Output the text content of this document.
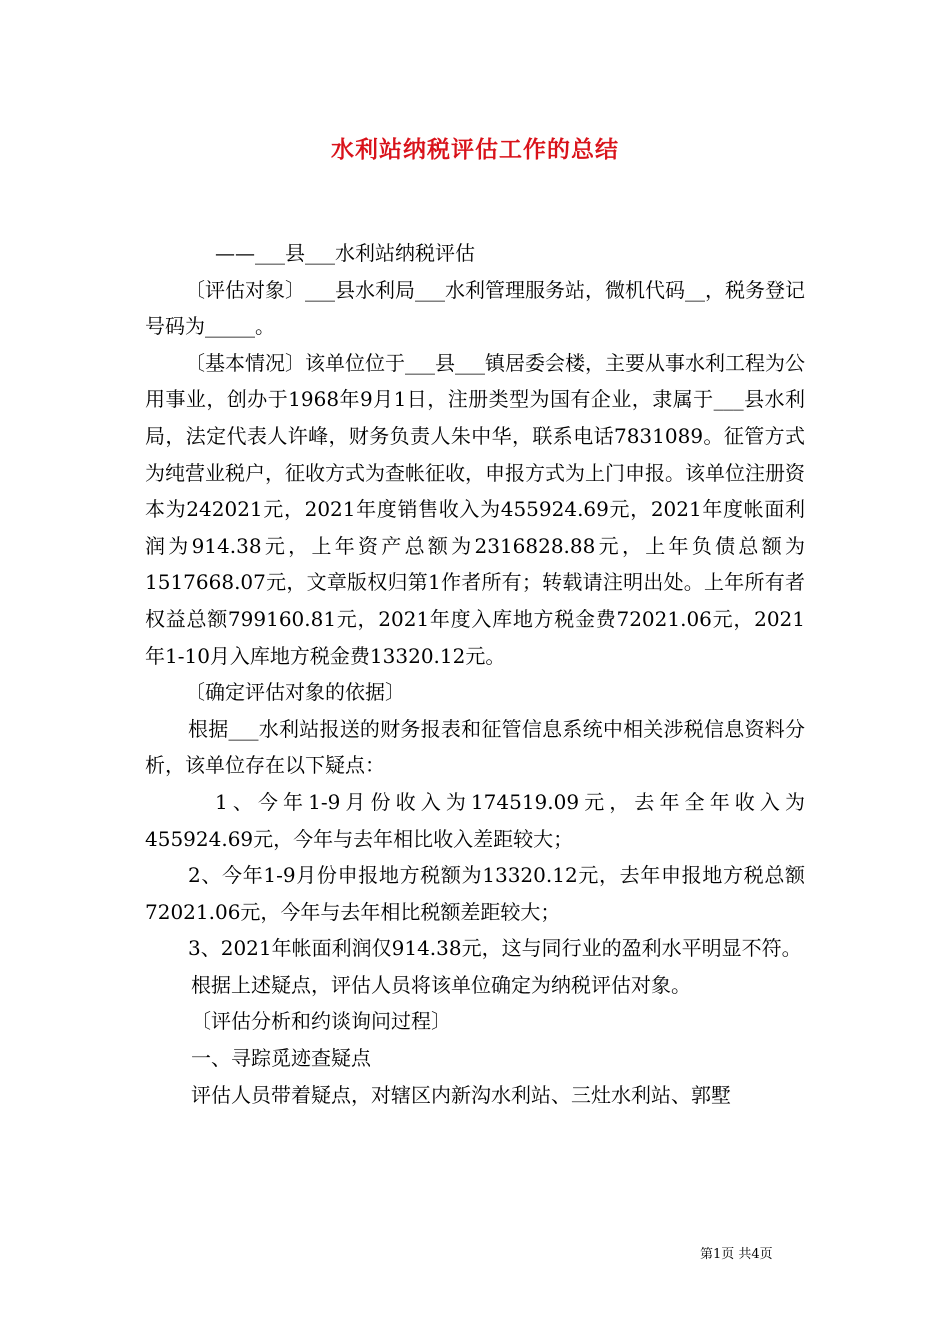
水利站纳税评估工作的总结

——___县___水利站纳税评估

〔评估对象〕___县水利局___水利管理服务站，微机代码__，税务登记号码为_____。

〔基本情况〕该单位位于___县___镇居委会楼，主要从事水利工程为公用事业，创办于1968年9月1日，注册类型为国有企业，隶属于___县水利局，法定代表人许峰，财务负责人朱中华，联系电话7831089。征管方式为纯营业税户，征收方式为查帐征收，申报方式为上门申报。该单位注册资本为242021元，2021年度销售收入为455924.69元，2021年度帐面利润为914.38元，上年资产总额为2316828.88元，上年负债总额为1517668.07元，文章版权归第1作者所有；转载请注明出处。上年所有者权益总额799160.81元，2021年度入库地方税金费72021.06元，2021年1-10月入库地方税金费13320.12元。

〔确定评估对象的依据〕

根据___水利站报送的财务报表和征管信息系统中相关涉税信息资料分析，该单位存在以下疑点：

1、今年1-9月份收入为174519.09元，去年全年收入为455924.69元，今年与去年相比收入差距较大；

2、今年1-9月份申报地方税额为13320.12元，去年申报地方税总额72021.06元，今年与去年相比税额差距较大；

3、2021年帐面利润仅914.38元，这与同行业的盈利水平明显不符。

根据上述疑点，评估人员将该单位确定为纳税评估对象。

〔评估分析和约谈询问过程〕

一、寻踪觅迹查疑点

评估人员带着疑点，对辖区内新沟水利站、三灶水利站、郭墅

第1页 共4页
